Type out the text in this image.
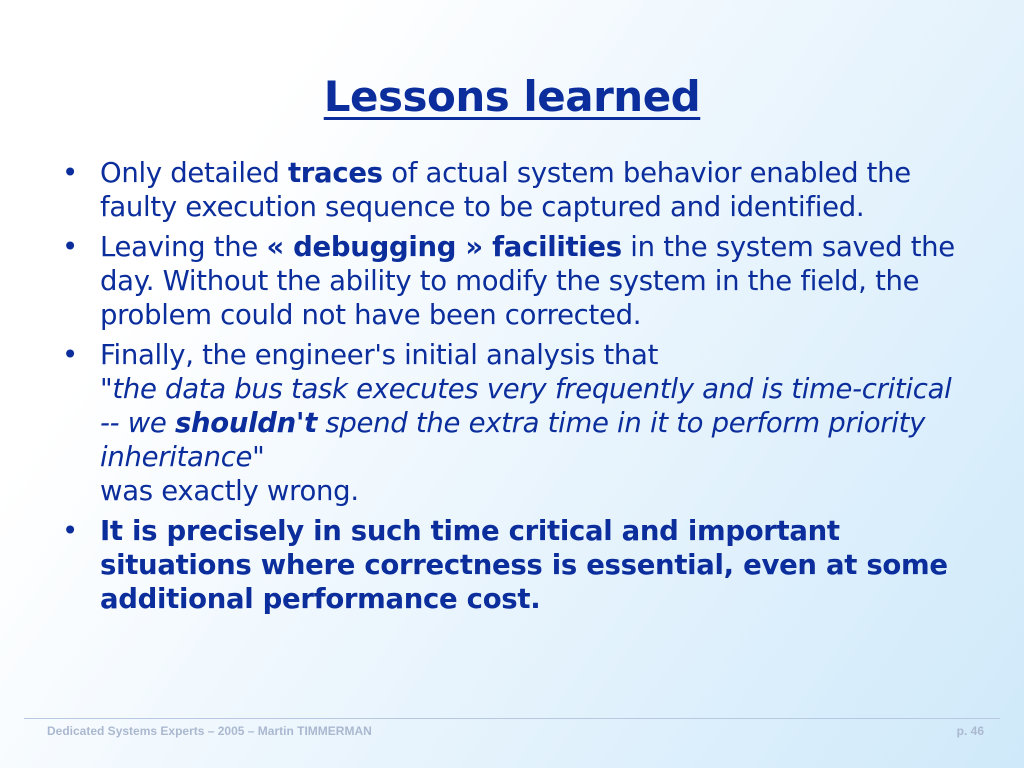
Lessons learned
• Only detailed traces of actual system behavior enabled the faulty execution sequence to be captured and identified.
• Leaving the « debugging » facilities in the system saved the day. Without the ability to modify the system in the field, the problem could not have been corrected.
• Finally, the engineer's initial analysis that
"the data bus task executes very frequently and is time-critical -- we shouldn't spend the extra time in it to perform priority inheritance"
was exactly wrong.
• It is precisely in such time critical and important situations where correctness is essential, even at some additional performance cost.
Dedicated Systems Experts – 2005 – Martin TIMMERMAN	p. 46
